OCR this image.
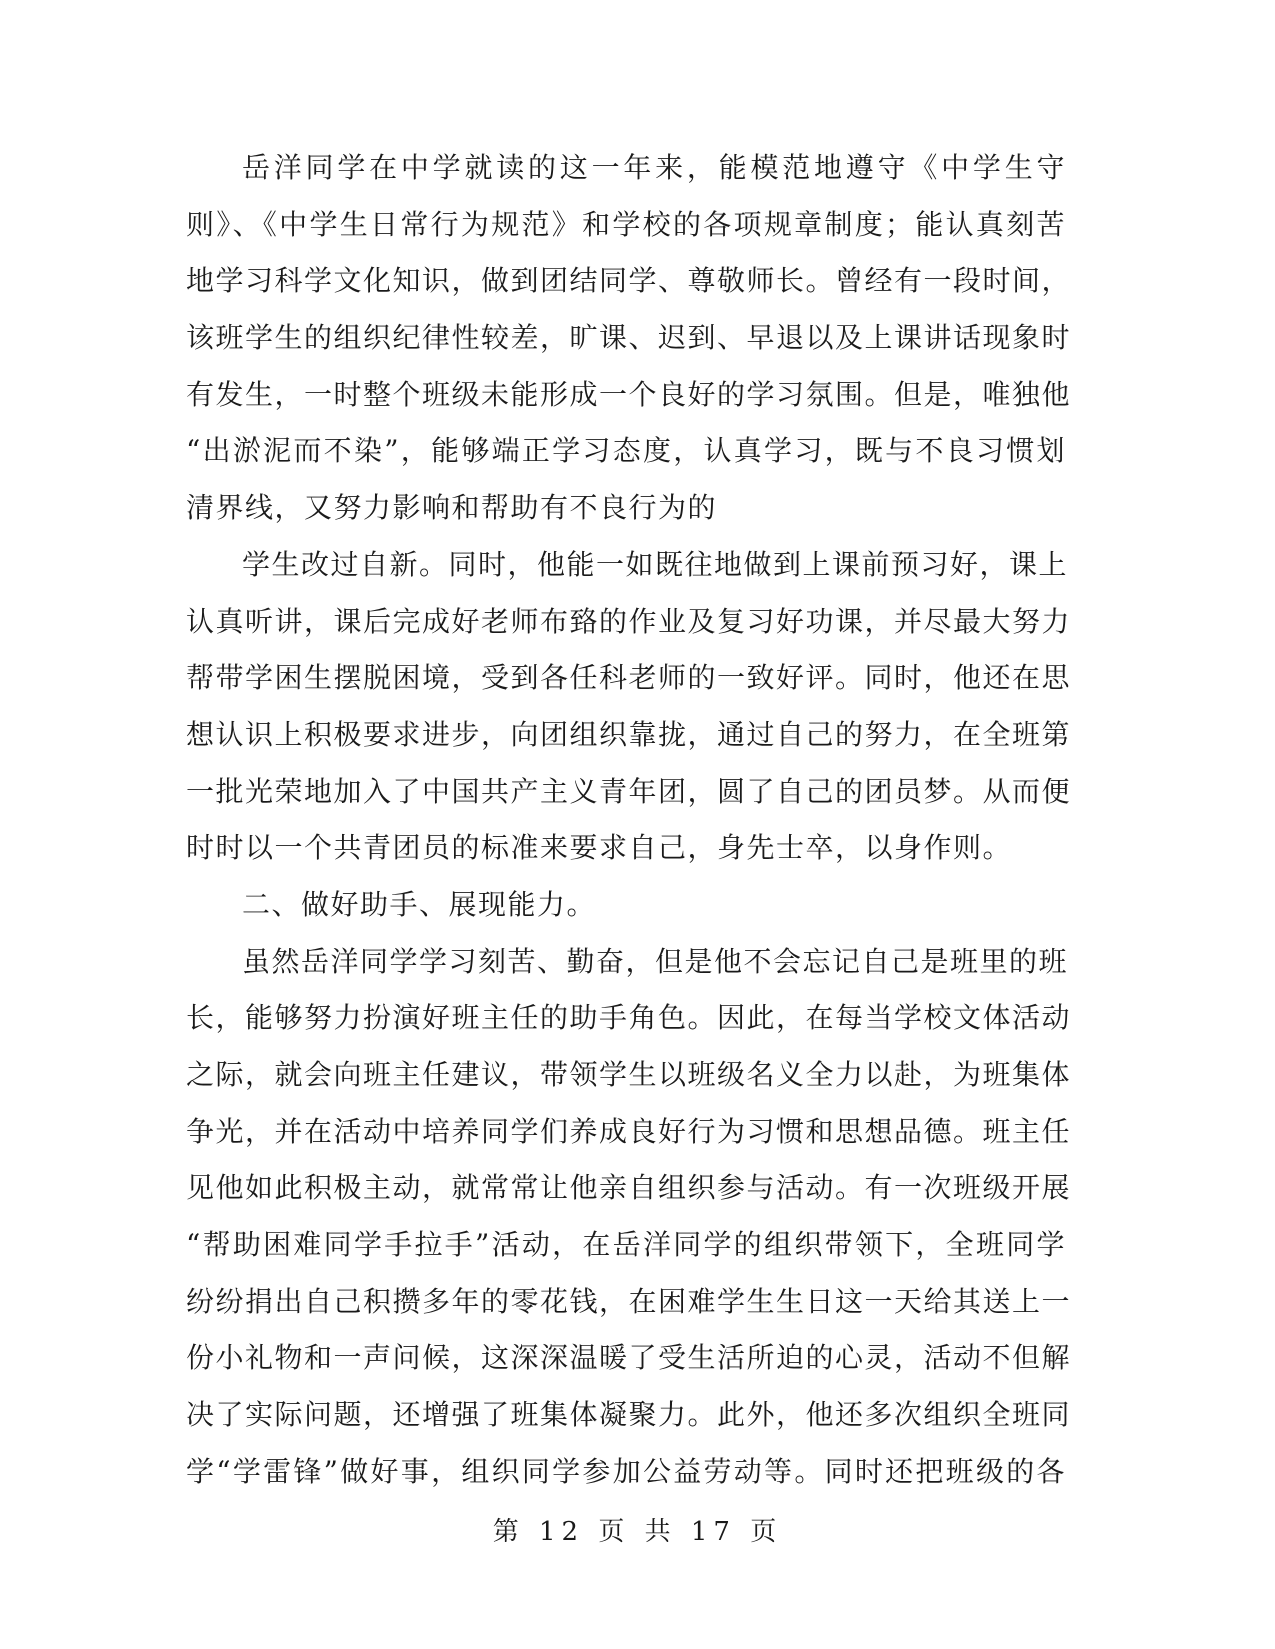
岳洋同学在中学就读的这一年来，能模范地遵守《中学生守
则》、《中学生日常行为规范》和学校的各项规章制度；能认真刻苦
地学习科学文化知识，做到团结同学、尊敬师长。曾经有一段时间，
该班学生的组织纪律性较差，旷课、迟到、早退以及上课讲话现象时
有发生，一时整个班级未能形成一个良好的学习氛围。但是，唯独他
“出淤泥而不染”，能够端正学习态度，认真学习，既与不良习惯划
清界线，又努力影响和帮助有不良行为的
学生改过自新。同时，他能一如既往地做到上课前预习好，课上
认真听讲，课后完成好老师布臵的作业及复习好功课，并尽最大努力
帮带学困生摆脱困境，受到各任科老师的一致好评。同时，他还在思
想认识上积极要求进步，向团组织靠拢，通过自己的努力，在全班第
一批光荣地加入了中国共产主义青年团，圆了自己的团员梦。从而便
时时以一个共青团员的标准来要求自己，身先士卒，以身作则。
二、做好助手、展现能力。
虽然岳洋同学学习刻苦、勤奋，但是他不会忘记自己是班里的班
长，能够努力扮演好班主任的助手角色。因此，在每当学校文体活动
之际，就会向班主任建议，带领学生以班级名义全力以赴，为班集体
争光，并在活动中培养同学们养成良好行为习惯和思想品德。班主任
见他如此积极主动，就常常让他亲自组织参与活动。有一次班级开展
“帮助困难同学手拉手”活动，在岳洋同学的组织带领下，全班同学
纷纷捐出自己积攒多年的零花钱，在困难学生生日这一天给其送上一
份小礼物和一声问候，这深深温暖了受生活所迫的心灵，活动不但解
决了实际问题，还增强了班集体凝聚力。此外，他还多次组织全班同
学“学雷锋”做好事，组织同学参加公益劳动等。同时还把班级的各
第 12 页 共 17 页
